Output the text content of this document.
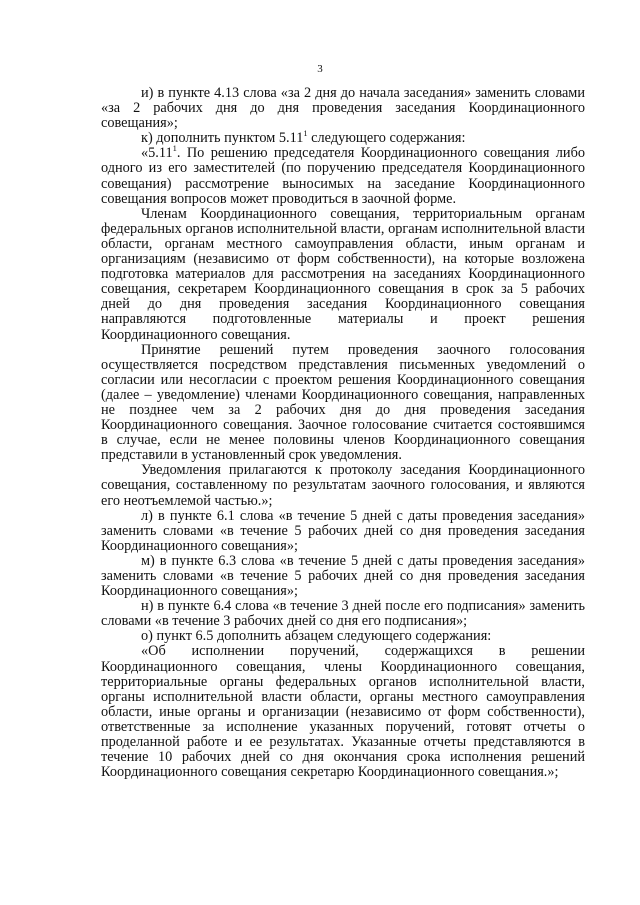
3

и) в пункте 4.13 слова «за 2 дня до начала заседания» заменить словами «за 2 рабочих дня до дня проведения заседания Координационного совещания»;

к) дополнить пунктом 5.11$^1$ следующего содержания:

«5.11$^1$. По решению председателя Координационного совещания либо одного из его заместителей (по поручению председателя Координационного совещания) рассмотрение выносимых на заседание Координационного совещания вопросов может проводиться в заочной форме.

Членам Координационного совещания, территориальным органам федеральных органов исполнительной власти, органам исполнительной власти области, органам местного самоуправления области, иным органам и организациям (независимо от форм собственности), на которые возложена подготовка материалов для рассмотрения на заседаниях Координационного совещания, секретарем Координационного совещания в срок за 5 рабочих дней до дня проведения заседания Координационного совещания направляются подготовленные материалы и проект решения Координационного совещания.

Принятие решений путем проведения заочного голосования осуществляется посредством представления письменных уведомлений о согласии или несогласии с проектом решения Координационного совещания (далее – уведомление) членами Координационного совещания, направленных не позднее чем за 2 рабочих дня до дня проведения заседания Координационного совещания. Заочное голосование считается состоявшимся в случае, если не менее половины членов Координационного совещания представили в установленный срок уведомления.

Уведомления прилагаются к протоколу заседания Координационного совещания, составленному по результатам заочного голосования, и являются его неотъемлемой частью.»;

л) в пункте 6.1 слова «в течение 5 дней с даты проведения заседания» заменить словами «в течение 5 рабочих дней со дня проведения заседания Координационного совещания»;

м) в пункте 6.3 слова «в течение 5 дней с даты проведения заседания» заменить словами «в течение 5 рабочих дней со дня проведения заседания Координационного совещания»;

н) в пункте 6.4 слова «в течение 3 дней после его подписания» заменить словами «в течение 3 рабочих дней со дня его подписания»;

о) пункт 6.5 дополнить абзацем следующего содержания:

«Об исполнении поручений, содержащихся в решении Координационного совещания, члены Координационного совещания, территориальные органы федеральных органов исполнительной власти, органы исполнительной власти области, органы местного самоуправления области, иные органы и организации (независимо от форм собственности), ответственные за исполнение указанных поручений, готовят отчеты о проделанной работе и ее результатах. Указанные отчеты представляются в течение 10 рабочих дней со дня окончания срока исполнения решений Координационного совещания секретарю Координационного совещания.»;
